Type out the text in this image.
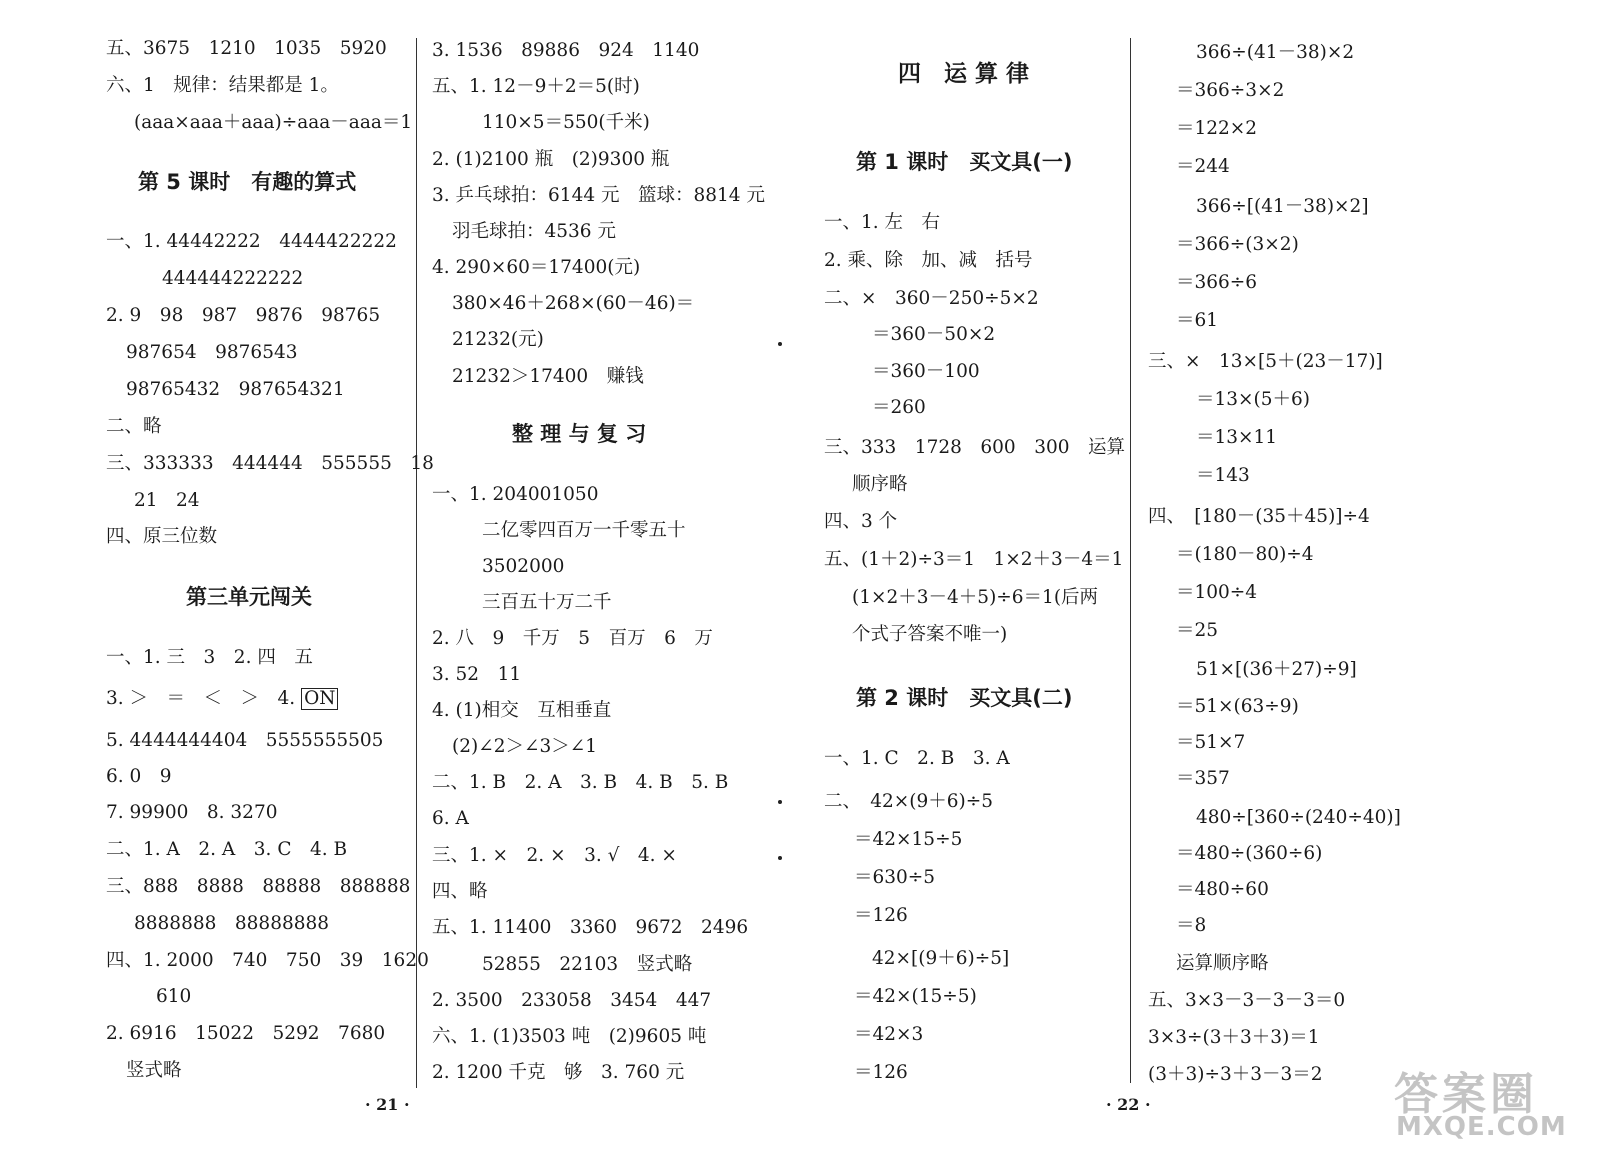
五、3675　1210　1035　5920
六、1　规律：结果都是 1。
(aaa×aaa＋aaa)÷aaa－aaa＝1
第 5 课时　有趣的算式
一、1. 44442222　4444422222
444444222222
2. 9　98　987　9876　98765
987654　9876543
98765432　987654321
二、略
三、333333　444444　555555　18
21　24
四、原三位数
第三单元闯关
一、1. 三　3　2. 四　五
3. ＞　＝　＜　＞　4. ON
5. 4444444404　5555555505
6. 0　9
7. 99900　8. 3270
二、1. A　2. A　3. C　4. B
三、888　8888　88888　888888
8888888　88888888
四、1. 2000　740　750　39　1620
610
2. 6916　15022　5292　7680
竖式略
· 21 ·
3. 1536　89886　924　1140
五、1. 12－9＋2＝5(时)
110×5＝550(千米)
2. (1)2100 瓶　(2)9300 瓶
3. 乒乓球拍：6144 元　篮球：8814 元
羽毛球拍：4536 元
4. 290×60＝17400(元)
380×46＋268×(60－46)＝
21232(元)
21232＞17400　赚钱
整 理 与 复 习
一、1. 204001050
二亿零四百万一千零五十
3502000
三百五十万二千
2. 八　9　千万　5　百万　6　万
3. 52　11
4. (1)相交　互相垂直
(2)∠2＞∠3＞∠1
二、1. B　2. A　3. B　4. B　5. B
6. A
三、1. ×　2. ×　3. √　4. ×
四、略
五、1. 11400　3360　9672　2496
52855　22103　竖式略
2. 3500　233058　3454　447
六、1. (1)3503 吨　(2)9605 吨
2. 1200 千克　够　3. 760 元
四　运 算 律
第 1 课时　买文具(一)
一、1. 左　右
2. 乘、除　加、减　括号
二、×　360－250÷5×2
＝360－50×2
＝360－100
＝260
三、333　1728　600　300　运算
顺序略
四、3 个
五、(1＋2)÷3＝1　1×2＋3－4＝1
(1×2＋3－4＋5)÷6＝1(后两
个式子答案不唯一)
第 2 课时　买文具(二)
一、1. C　2. B　3. A
二、　42×(9＋6)÷5
＝42×15÷5
＝630÷5
＝126
42×[(9＋6)÷5]
＝42×(15÷5)
＝42×3
＝126
366÷(41－38)×2
＝366÷3×2
＝122×2
＝244
366÷[(41－38)×2]
＝366÷(3×2)
＝366÷6
＝61
三、×　13×[5＋(23－17)]
＝13×(5＋6)
＝13×11
＝143
四、　[180－(35＋45)]÷4
＝(180－80)÷4
＝100÷4
＝25
51×[(36＋27)÷9]
＝51×(63÷9)
＝51×7
＝357
480÷[360÷(240÷40)]
＝480÷(360÷6)
＝480÷60
＝8
运算顺序略
五、3×3－3－3－3＝0
3×3÷(3＋3＋3)＝1
(3＋3)÷3＋3－3＝2
· 22 ·	答案圈
MXQE.COM
